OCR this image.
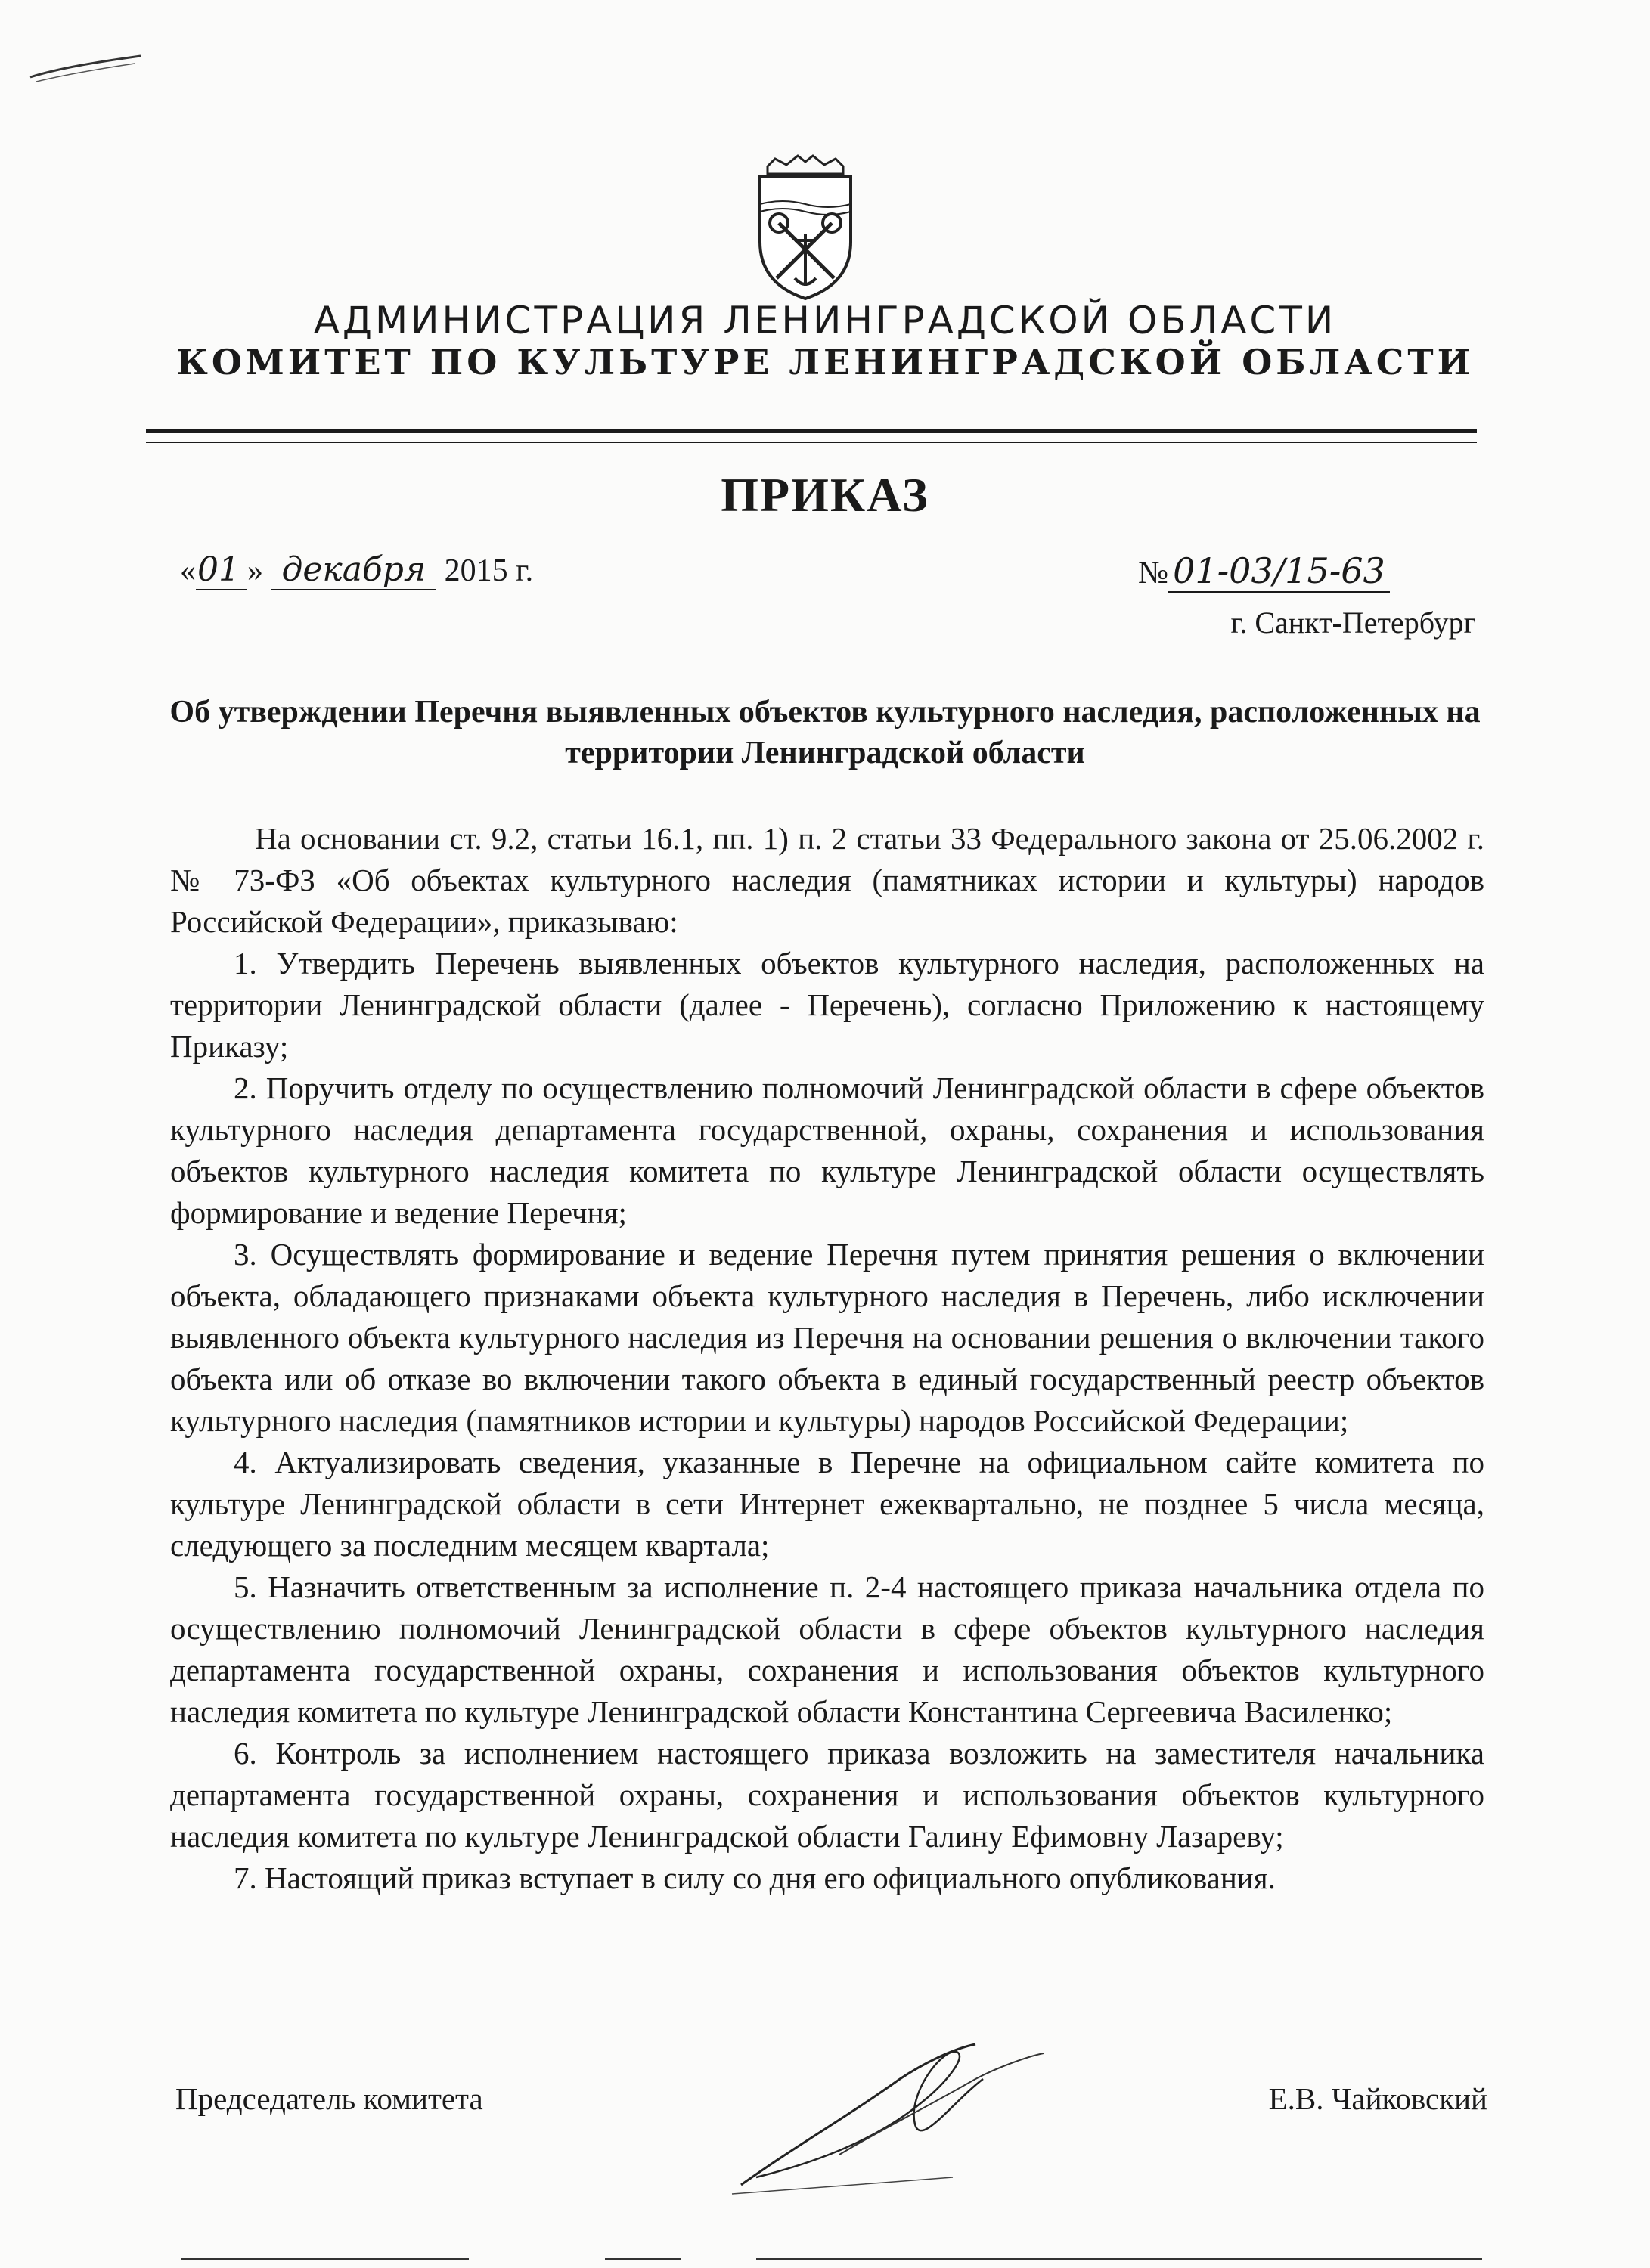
АДМИНИСТРАЦИЯ ЛЕНИНГРАДСКОЙ ОБЛАСТИ
КОМИТЕТ ПО КУЛЬТУРЕ ЛЕНИНГРАДСКОЙ ОБЛАСТИ
ПРИКАЗ
«01 » декабря 2015 г.	№ 01-03/15-63
г. Санкт-Петербург
Об утверждении Перечня выявленных объектов культурного наследия, расположенных на территории Ленинградской области

На основании ст. 9.2, статьи 16.1, пп. 1) п. 2 статьи 33 Федерального закона от 25.06.2002 г. № 73-ФЗ «Об объектах культурного наследия (памятниках истории и культуры) народов Российской Федерации», приказываю:

1. Утвердить Перечень выявленных объектов культурного наследия, расположенных на территории Ленинградской области (далее - Перечень), согласно Приложению к настоящему Приказу;

2. Поручить отделу по осуществлению полномочий Ленинградской области в сфере объектов культурного наследия департамента государственной, охраны, сохранения и использования объектов культурного наследия комитета по культуре Ленинградской области осуществлять формирование и ведение Перечня;

3. Осуществлять формирование и ведение Перечня путем принятия решения о включении объекта, обладающего признаками объекта культурного наследия в Перечень, либо исключении выявленного объекта культурного наследия из Перечня на основании решения о включении такого объекта или об отказе во включении такого объекта в единый государственный реестр объектов культурного наследия (памятников истории и культуры) народов Российской Федерации;

4. Актуализировать сведения, указанные в Перечне на официальном сайте комитета по культуре Ленинградской области в сети Интернет ежеквартально, не позднее 5 числа месяца, следующего за последним месяцем квартала;

5. Назначить ответственным за исполнение п. 2-4 настоящего приказа начальника отдела по осуществлению полномочий Ленинградской области в сфере объектов культурного наследия департамента государственной охраны, сохранения и использования объектов культурного наследия комитета по культуре Ленинградской области Константина Сергеевича Василенко;

6. Контроль за исполнением настоящего приказа возложить на заместителя начальника департамента государственной охраны, сохранения и использования объектов культурного наследия комитета по культуре Ленинградской области Галину Ефимовну Лазареву;

7. Настоящий приказ вступает в силу со дня его официального опубликования.

Председатель комитета	Е.В. Чайковский
